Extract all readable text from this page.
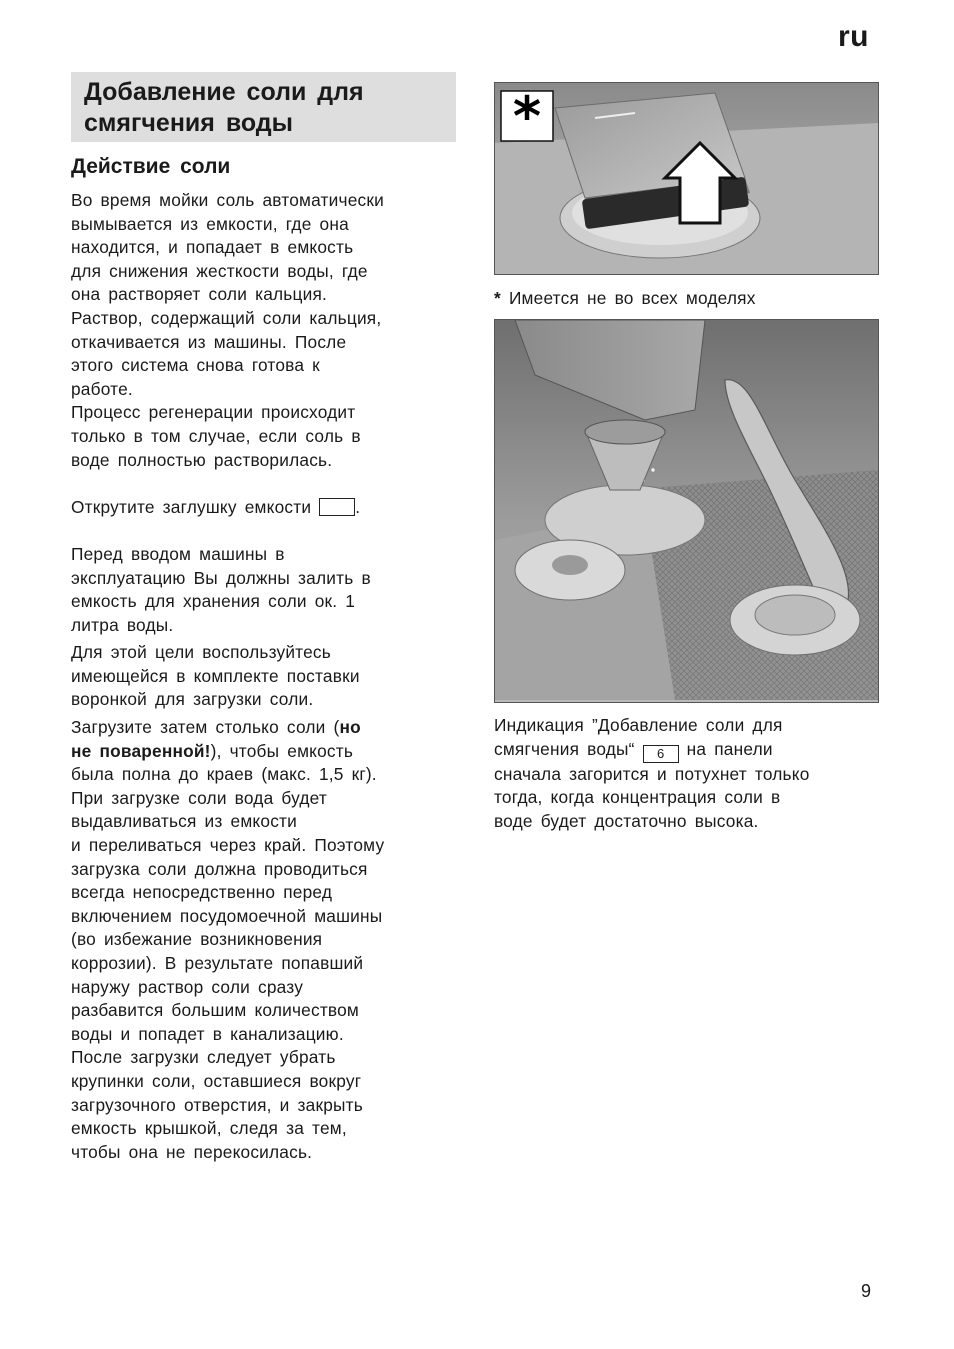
ru
Добавление соли для
смягчения воды
Действие соли

Во время мойки соль автоматически
вымывается из емкости, где она
находится, и попадает в емкость
для снижения жесткости воды, где
она растворяет соли кальция.
Раствор, содержащий соли кальция,
откачивается из машины. После
этого система снова готова к
работе.
Процесс регенерации происходит
только в том случае, если соль в
воде полностью растворилась.

Открутите заглушку емкости	.

Перед вводом машины в
эксплуатацию Вы должны залить в
емкость для хранения соли ок. 1
литра воды.

Для этой цели воспользуйтесь
имеющейся в комплекте поставки
воронкой для загрузки соли.

Загрузите затем столько соли (но
не поваренной!), чтобы емкость
была полна до краев (макс. 1,5 кг).
При загрузке соли вода будет
выдавливаться из емкости
и переливаться через край. Поэтому
загрузка соли должна проводиться
всегда непосредственно перед
включением посудомоечной машины
(во избежание возникновения
коррозии). В результате попавший
наружу раствор соли сразу
разбавится большим количеством
воды и попадет в канализацию.
После загрузки следует убрать
крупинки соли, оставшиеся вокруг
загрузочного отверстия, и закрыть
емкость крышкой, следя за тем,
чтобы она не перекосилась.

*
* Имеется не во всех моделях

Индикация ”Добавление соли для
смягчения воды“ 6 на панели
сначала загорится и потухнет только
тогда, когда концентрация соли в
воде будет достаточно высока.

9
